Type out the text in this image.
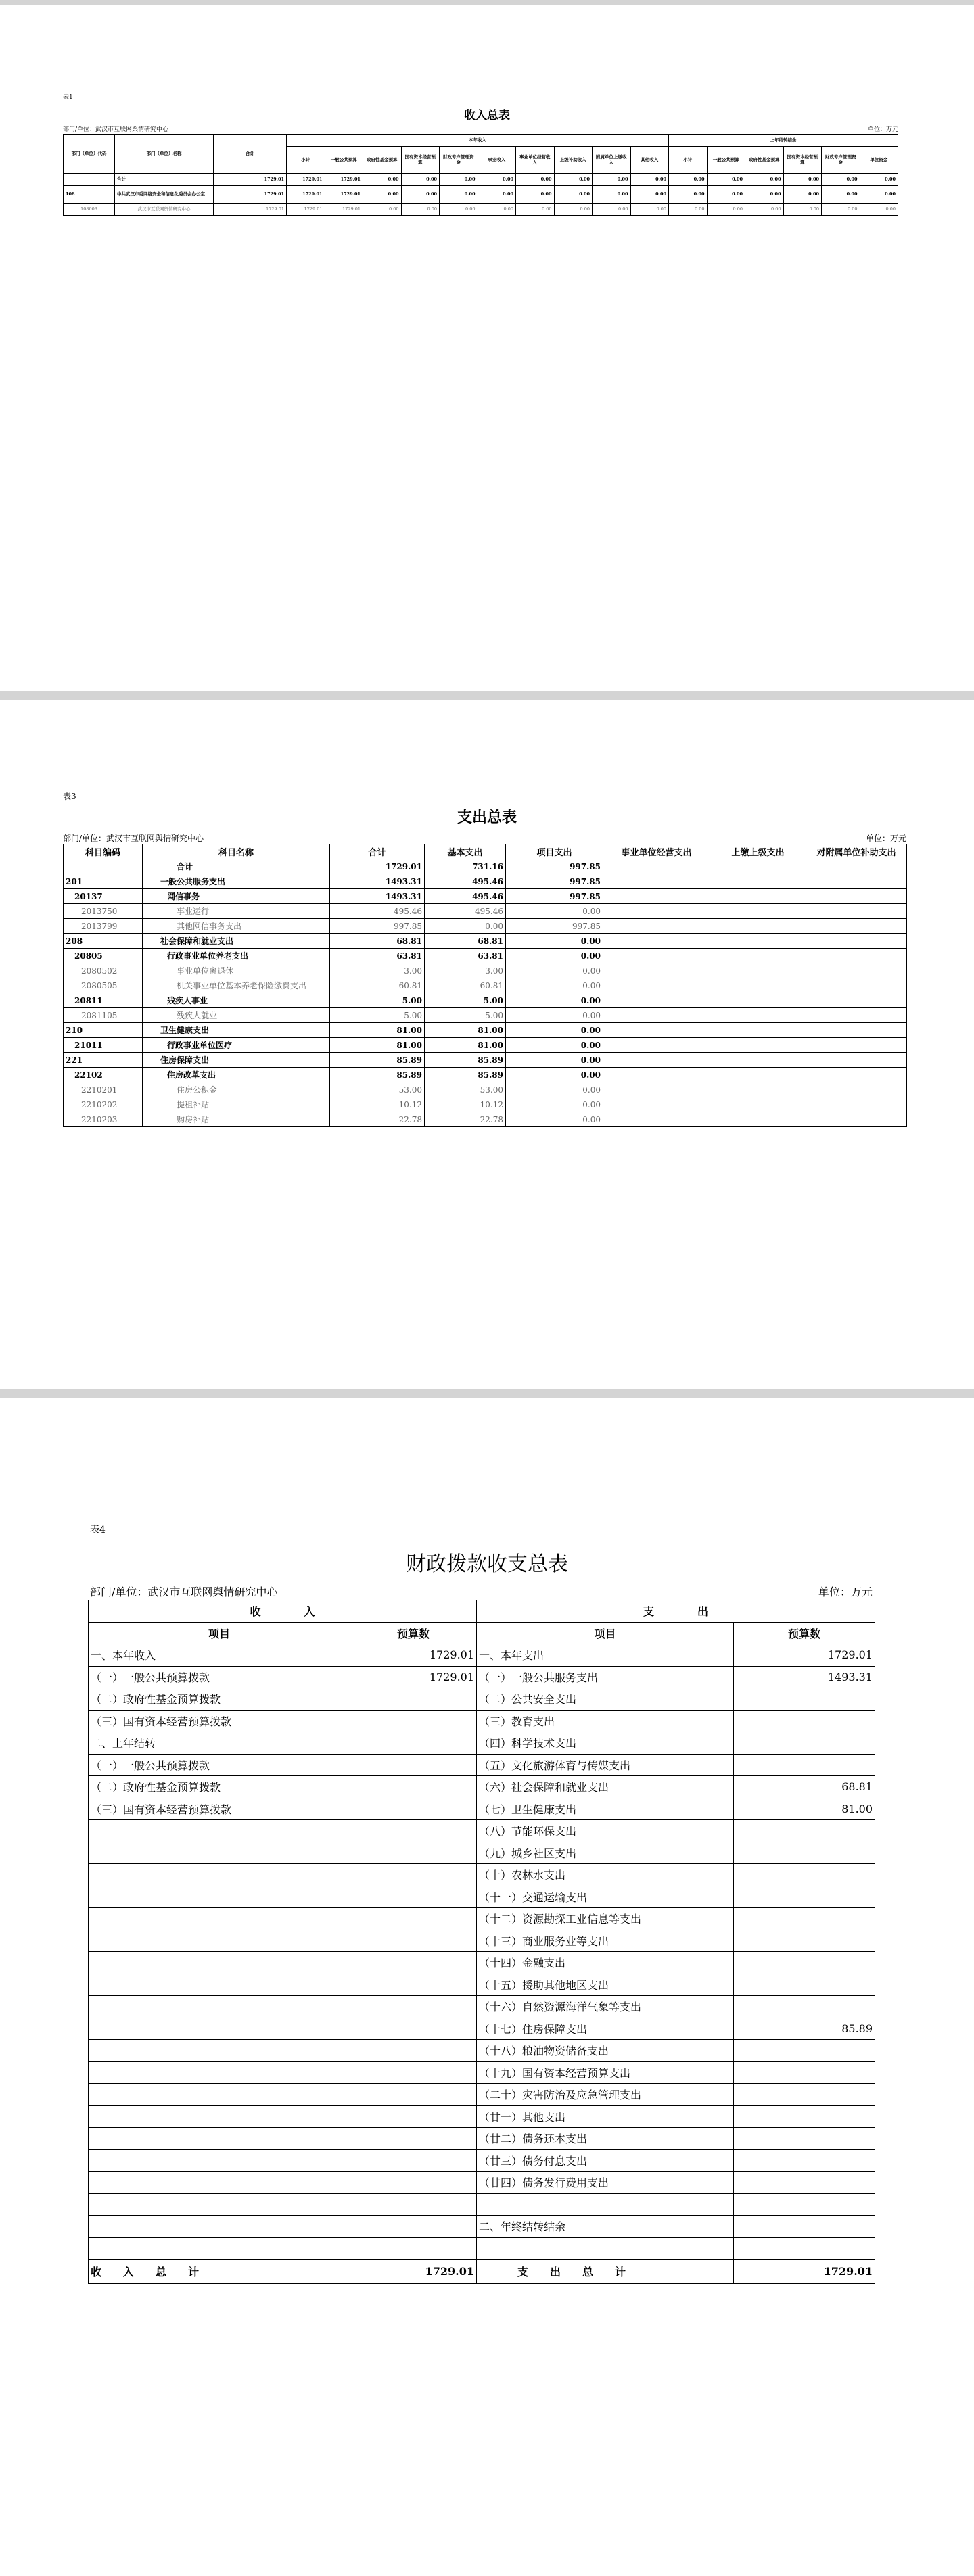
表1
收入总表
部门/单位：武汉市互联网舆情研究中心	单位：万元
部门（单位）代码	部门（单位）名称	合计	本年收入										上年结转结余					
			小计	一般公共预算	政府性基金预算	国有资本经营预算	财政专户管理资金	事业收入	事业单位经营收入	上级补助收入	附属单位上缴收入	其他收入	小计	一般公共预算	政府性基金预算	国有资本经营预算	财政专户管理资金	单位资金
	合计	1729.01	1729.01	1729.01	0.00	0.00	0.00	0.00	0.00	0.00	0.00	0.00	0.00	0.00	0.00	0.00	0.00	0.00
108	中共武汉市委网络安全和信息化委员会办公室	1729.01	1729.01	1729.01	0.00	0.00	0.00	0.00	0.00	0.00	0.00	0.00	0.00	0.00	0.00	0.00	0.00	0.00
108003	武汉市互联网舆情研究中心	1729.01	1729.01	1729.01	0.00	0.00	0.00	0.00	0.00	0.00	0.00	0.00	0.00	0.00	0.00	0.00	0.00	0.00
表3
支出总表
部门/单位：武汉市互联网舆情研究中心	单位：万元
科目编码	科目名称	合计	基本支出	项目支出	事业单位经营支出	上缴上级支出	对附属单位补助支出
	合计	1729.01	731.16	997.85			
201	一般公共服务支出	1493.31	495.46	997.85			
20137	网信事务	1493.31	495.46	997.85			
2013750	事业运行	495.46	495.46	0.00			
2013799	其他网信事务支出	997.85	0.00	997.85			
208	社会保障和就业支出	68.81	68.81	0.00			
20805	行政事业单位养老支出	63.81	63.81	0.00			
2080502	事业单位离退休	3.00	3.00	0.00			
2080505	机关事业单位基本养老保险缴费支出	60.81	60.81	0.00			
20811	残疾人事业	5.00	5.00	0.00			
2081105	残疾人就业	5.00	5.00	0.00			
210	卫生健康支出	81.00	81.00	0.00			
21011	行政事业单位医疗	81.00	81.00	0.00			
221	住房保障支出	85.89	85.89	0.00			
22102	住房改革支出	85.89	85.89	0.00			
2210201	住房公积金	53.00	53.00	0.00			
2210202	提租补贴	10.12	10.12	0.00			
2210203	购房补贴	22.78	22.78	0.00			
表4
财政拨款收支总表
部门/单位：武汉市互联网舆情研究中心	单位：万元
收　　　　入		支　　　　出	
项目	预算数	项目	预算数
一、本年收入	1729.01	一、本年支出	1729.01
（一）一般公共预算拨款	1729.01	（一）一般公共服务支出	1493.31
（二）政府性基金预算拨款		（二）公共安全支出	
（三）国有资本经营预算拨款		（三）教育支出	
二、上年结转		（四）科学技术支出	
（一）一般公共预算拨款		（五）文化旅游体育与传媒支出	
（二）政府性基金预算拨款		（六）社会保障和就业支出	68.81
（三）国有资本经营预算拨款		（七）卫生健康支出	81.00
		（八）节能环保支出	
		（九）城乡社区支出	
		（十）农林水支出	
		（十一）交通运输支出	
		（十二）资源勘探工业信息等支出	
		（十三）商业服务业等支出	
		（十四）金融支出	
		（十五）援助其他地区支出	
		（十六）自然资源海洋气象等支出	
		（十七）住房保障支出	85.89
		（十八）粮油物资储备支出	
		（十九）国有资本经营预算支出	
		（二十）灾害防治及应急管理支出	
		（廿一）其他支出	
		（廿二）债务还本支出	
		（廿三）债务付息支出	
		（廿四）债务发行费用支出	

		二、年终结转结余	

收　　入　　总　　计	1729.01	支　　出　　总　　计	1729.01
